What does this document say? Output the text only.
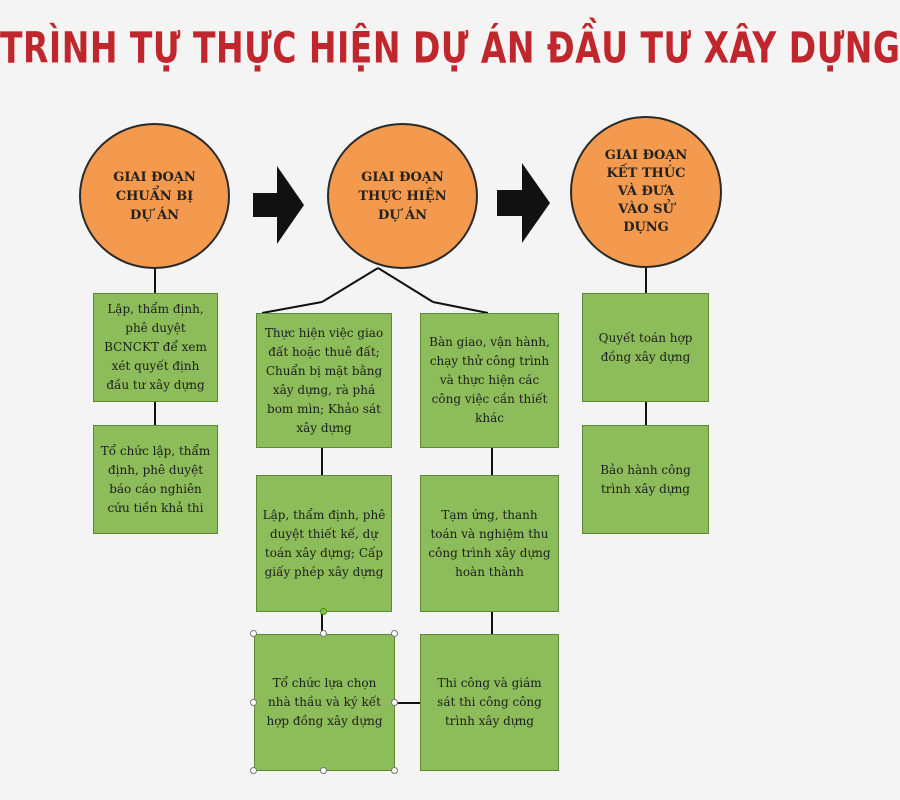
TRÌNH TỰ THỰC HIỆN DỰ ÁN ĐẦU TƯ XÂY DỰNG
GIAI ĐOẠN
CHUẨN BỊ
DỰ ÁN
GIAI ĐOẠN
THỰC HIỆN
DỰ ÁN
GIAI ĐOẠN
KẾT THÚC
VÀ ĐƯA
VÀO SỬ
DỤNG
Lập, thẩm định,
phê duyệt
BCNCKT để xem
xét quyết định
đầu tư xây dựng
Tổ chức lập, thẩm
định, phê duyệt
báo cáo nghiên
cứu tiền khả thi
Thực hiện việc giao
đất hoặc thuê đất;
Chuẩn bị mặt bằng
xây dựng, rà phá
bom mìn; Khảo sát
xây dựng
Lập, thẩm định, phê
duyệt thiết kế, dự
toán xây dựng; Cấp
giấy phép xây dựng
Tổ chức lựa chọn
nhà thầu và ký kết
hợp đồng xây dựng
Bàn giao, vận hành,
chạy thử công trình
và thực hiện các
công việc cần thiết
khác
Tạm ứng, thanh
toán và nghiệm thu
công trình xây dựng
hoàn thành
Thi công và giám
sát thi công công
trình xây dựng
Quyết toán hợp
đồng xây dựng
Bảo hành công
trình xây dựng
